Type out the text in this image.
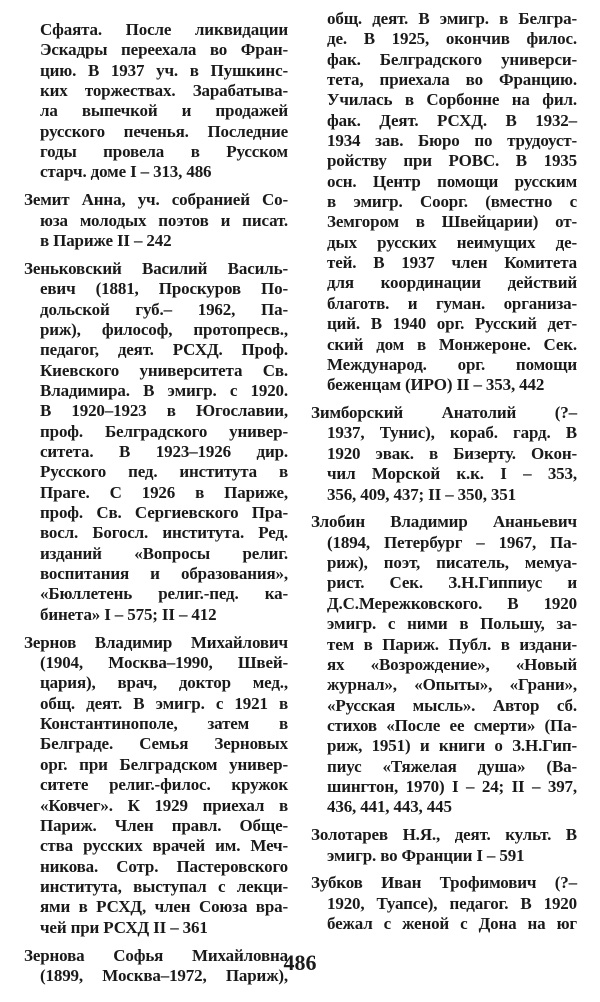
Сфаята. После ликвидации
Эскадры переехала во Фран-
цию. В 1937 уч. в Пушкинс-
ких торжествах. Зарабатыва-
ла выпечкой и продажей
русского печенья. Последние
годы провела в Русском
старч. доме I – 313, 486
Земит Анна, уч. собранией Со-
юза молодых поэтов и писат.
в Париже II – 242
Зеньковский Василий Василь-
евич (1881, Проскуров По-
дольской губ.– 1962, Па-
риж), философ, протопресв.,
педагог, деят. РСХД. Проф.
Киевского университета Св.
Владимира. В эмигр. с 1920.
В 1920–1923 в Югославии,
проф. Белградского универ-
ситета. В 1923–1926 дир.
Русского пед. института в
Праге. С 1926 в Париже,
проф. Св. Сергиевского Пра-
восл. Богосл. института. Ред.
изданий «Вопросы религ.
воспитания и образования»,
«Бюллетень религ.-пед. ка-
бинета» I – 575; II – 412
Зернов Владимир Михайлович
(1904, Москва–1990, Швей-
цария), врач, доктор мед.,
общ. деят. В эмигр. с 1921 в
Константинополе, затем в
Белграде. Семья Зерновых
орг. при Белградском универ-
ситете религ.-филос. кружок
«Ковчег». К 1929 приехал в
Париж. Член правл. Обще-
ства русских врачей им. Меч-
никова. Сотр. Пастеровского
института, выступал с лекци-
ями в РСХД, член Союза вра-
чей при РСХД II – 361
Зернова Софья Михайловна
(1899, Москва–1972, Париж),
общ. деят. В эмигр. в Белгра-
де. В 1925, окончив филос.
фак. Белградского универси-
тета, приехала во Францию.
Училась в Сорбонне на фил.
фак. Деят. РСХД. В 1932–
1934 зав. Бюро по трудоуст-
ройству при РОВС. В 1935
осн. Центр помощи русским
в эмигр. Соорг. (вместно с
Земгором в Швейцарии) от-
дых русских неимущих де-
тей. В 1937 член Комитета
для координации действий
благотв. и гуман. организа-
ций. В 1940 орг. Русский дет-
ский дом в Монжероне. Сек.
Международ. орг. помощи
беженцам (ИРО) II – 353, 442
Зимборский Анатолий (?–
1937, Тунис), кораб. гард. В
1920 эвак. в Бизерту. Окон-
чил Морской к.к. I – 353,
356, 409, 437; II – 350, 351
Злобин Владимир Ананьевич
(1894, Петербург – 1967, Па-
риж), поэт, писатель, мемуа-
рист. Сек. З.Н.Гиппиус и
Д.С.Мережковского. В 1920
эмигр. с ними в Польшу, за-
тем в Париж. Публ. в издани-
ях «Возрождение», «Новый
журнал», «Опыты», «Грани»,
«Русская мысль». Автор сб.
стихов «После ее смерти» (Па-
риж, 1951) и книги о З.Н.Гип-
пиус «Тяжелая душа» (Ва-
шингтон, 1970) I – 24; II – 397,
436, 441, 443, 445
Золотарев Н.Я., деят. культ. В
эмигр. во Франции I – 591
Зубков Иван Трофимович (?–
1920, Туапсе), педагог. В 1920
бежал с женой с Дона на юг
486
